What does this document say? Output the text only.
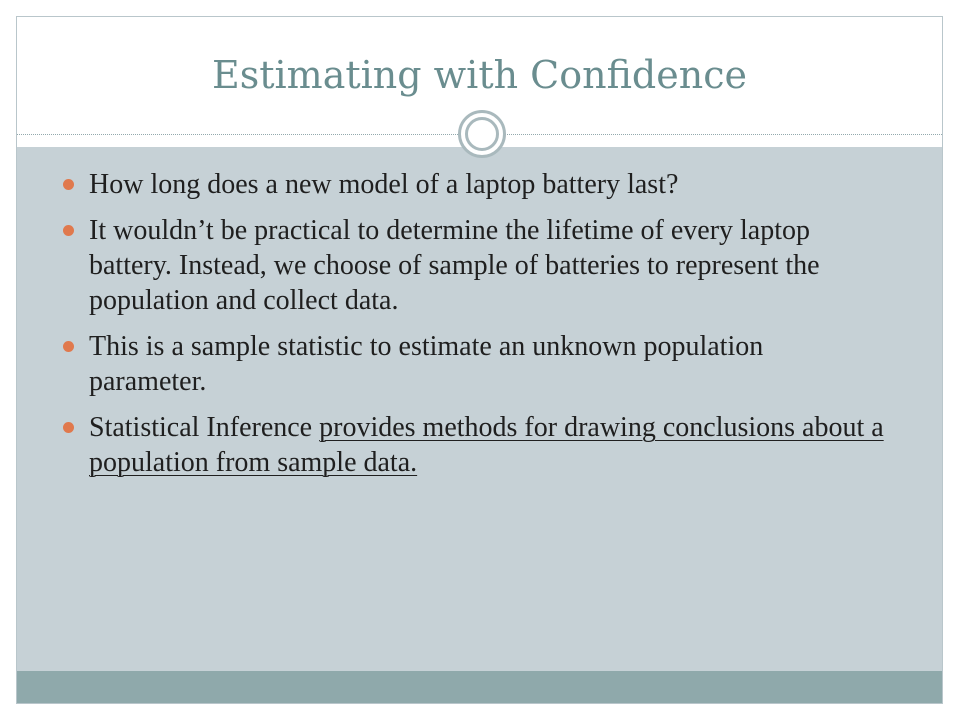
Estimating with Confidence
How long does a new model of a laptop battery last?
It wouldn’t be practical to determine the lifetime of every laptop battery. Instead, we choose of sample of batteries to represent the population and collect data.
This is a sample statistic to estimate an unknown population parameter.
Statistical Inference provides methods for drawing conclusions about a population from sample data.
